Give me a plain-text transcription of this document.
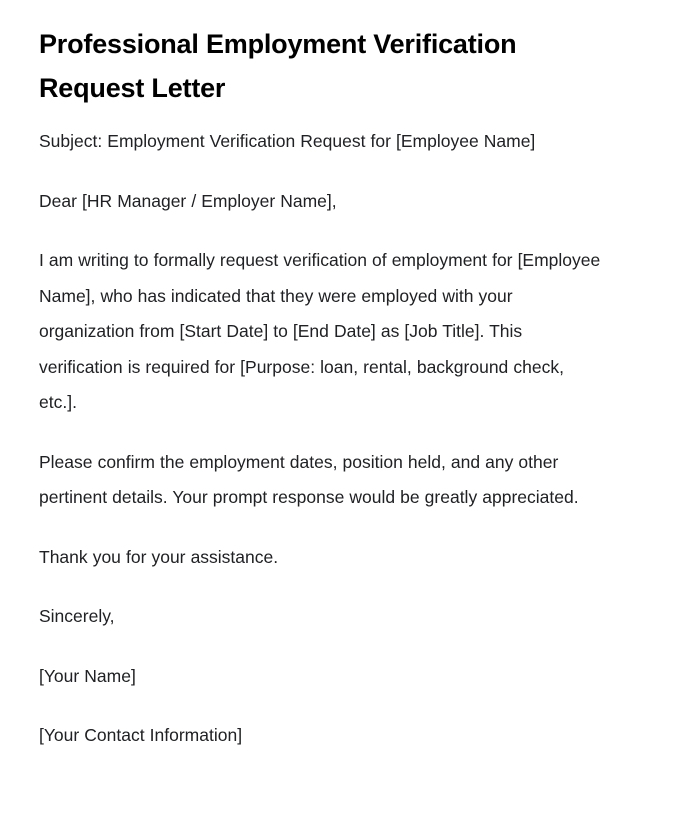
Professional Employment Verification Request Letter

Subject: Employment Verification Request for [Employee Name]

Dear [HR Manager / Employer Name],

I am writing to formally request verification of employment for [Employee Name], who has indicated that they were employed with your organization from [Start Date] to [End Date] as [Job Title]. This verification is required for [Purpose: loan, rental, background check, etc.].

Please confirm the employment dates, position held, and any other pertinent details. Your prompt response would be greatly appreciated.

Thank you for your assistance.

Sincerely,

[Your Name]

[Your Contact Information]
